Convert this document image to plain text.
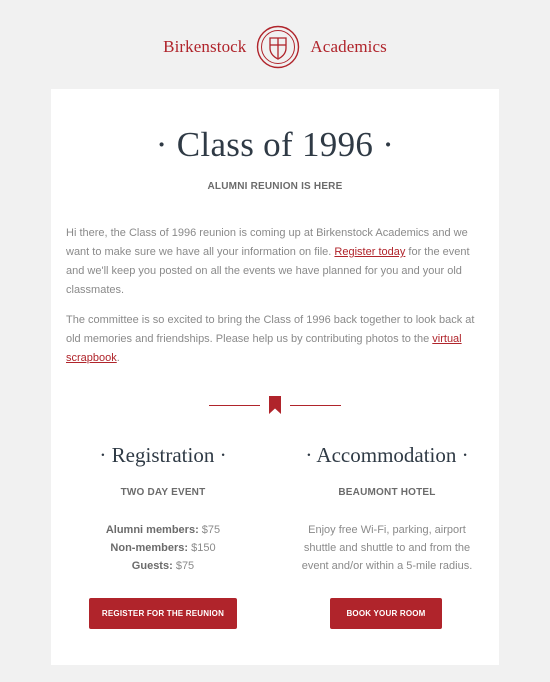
Birkenstock	Academics
· Class of 1996 ·
ALUMNI REUNION IS HERE

Hi there, the Class of 1996 reunion is coming up at Birkenstock Academics and we want to make sure we have all your information on file. Register today for the event and we'll keep you posted on all the events we have planned for you and your old classmates.

The committee is so excited to bring the Class of 1996 back together to look back at old memories and friendships. Please help us by contributing photos to the virtual scrapbook.

· Registration ·
TWO DAY EVENT
Alumni members: $75
Non-members: $150
Guests: $75
· Accommodation ·
BEAUMONT HOTEL
Enjoy free Wi-Fi, parking, airport shuttle and shuttle to and from the event and/or within a 5-mile radius.
REGISTER FOR THE REUNION	BOOK YOUR ROOM
